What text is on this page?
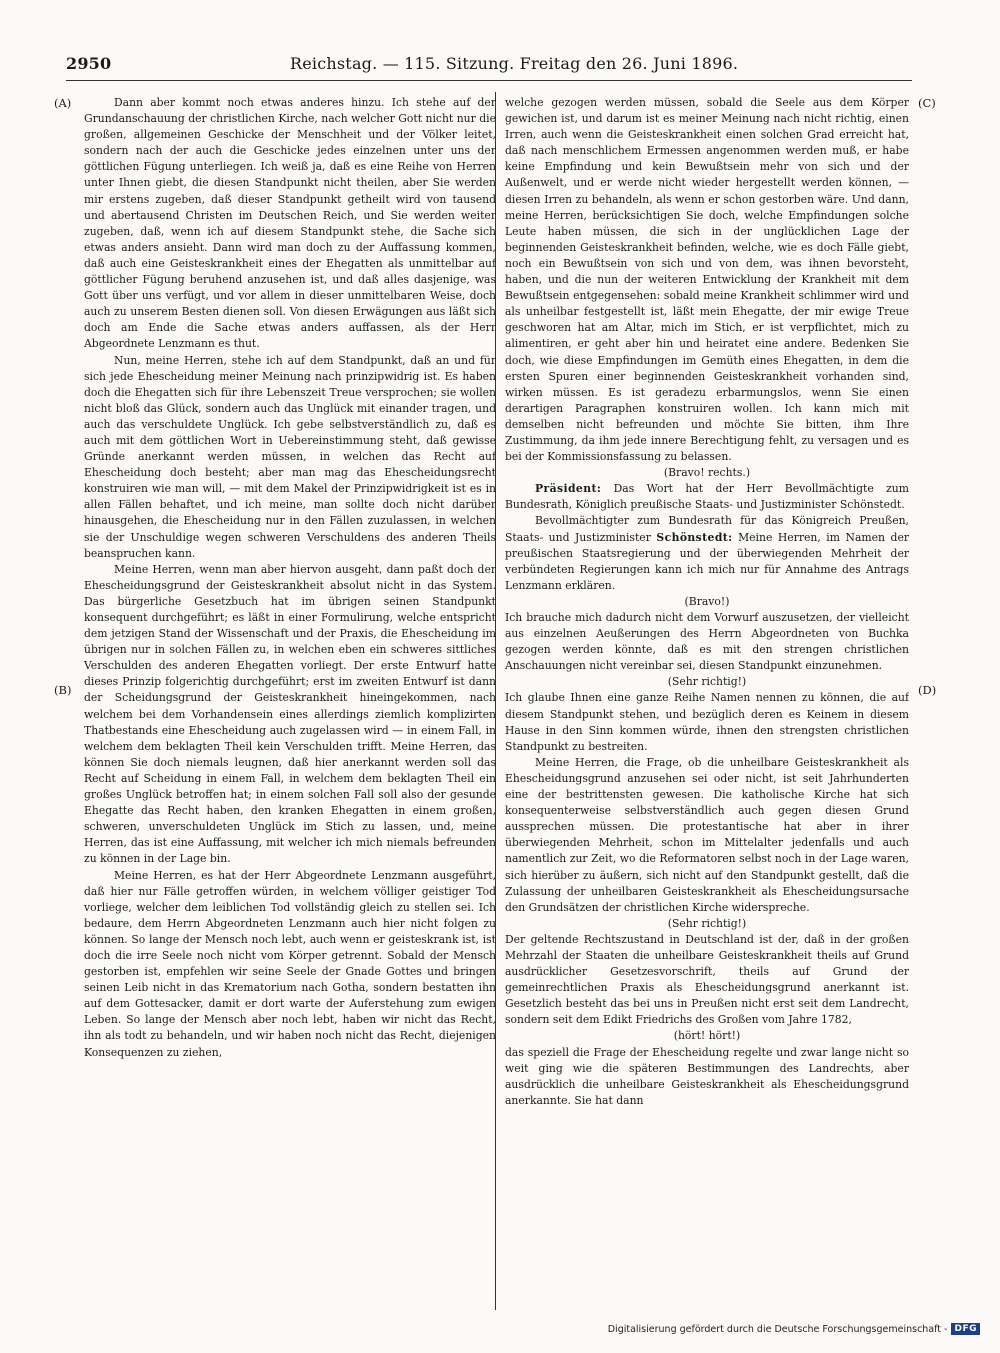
2950	Reichstag. — 115. Sitzung. Freitag den 26. Juni 1896.
(A)
(B)
(C)
(D)

Dann aber kommt noch etwas anderes hinzu. Ich stehe auf der Grundanschauung der christlichen Kirche, nach welcher Gott nicht nur die großen, allgemeinen Geschicke der Menschheit und der Völker leitet, sondern nach der auch die Geschicke jedes einzelnen unter uns der göttlichen Fügung unterliegen. Ich weiß ja, daß es eine Reihe von Herren unter Ihnen giebt, die diesen Standpunkt nicht theilen, aber Sie werden mir erstens zugeben, daß dieser Standpunkt getheilt wird von tausend und abertausend Christen im Deutschen Reich, und Sie werden weiter zugeben, daß, wenn ich auf diesem Standpunkt stehe, die Sache sich etwas anders ansieht. Dann wird man doch zu der Auffassung kommen, daß auch eine Geisteskrankheit eines der Ehegatten als unmittelbar auf göttlicher Fügung beruhend anzusehen ist, und daß alles dasjenige, was Gott über uns verfügt, und vor allem in dieser unmittelbaren Weise, doch auch zu unserem Besten dienen soll. Von diesen Erwägungen aus läßt sich doch am Ende die Sache etwas anders auffassen, als der Herr Abgeordnete Lenzmann es thut.

Nun, meine Herren, stehe ich auf dem Standpunkt, daß an und für sich jede Ehescheidung meiner Meinung nach prinzipwidrig ist. Es haben doch die Ehegatten sich für ihre Lebenszeit Treue versprochen; sie wollen nicht bloß das Glück, sondern auch das Unglück mit einander tragen, und auch das verschuldete Unglück. Ich gebe selbstverständlich zu, daß es auch mit dem göttlichen Wort in Uebereinstimmung steht, daß gewisse Gründe anerkannt werden müssen, in welchen das Recht auf Ehescheidung doch besteht; aber man mag das Ehescheidungsrecht konstruiren wie man will, — mit dem Makel der Prinzipwidrigkeit ist es in allen Fällen behaftet, und ich meine, man sollte doch nicht darüber hinausgehen, die Ehescheidung nur in den Fällen zuzulassen, in welchen sie der Unschuldige wegen schweren Verschuldens des anderen Theils beanspruchen kann.

Meine Herren, wenn man aber hiervon ausgeht, dann paßt doch der Ehescheidungsgrund der Geisteskrankheit absolut nicht in das System. Das bürgerliche Gesetzbuch hat im übrigen seinen Standpunkt konsequent durchgeführt; es läßt in einer Formulirung, welche entspricht dem jetzigen Stand der Wissenschaft und der Praxis, die Ehescheidung im übrigen nur in solchen Fällen zu, in welchen eben ein schweres sittliches Verschulden des anderen Ehegatten vorliegt. Der erste Entwurf hatte dieses Prinzip folgerichtig durchgeführt; erst im zweiten Entwurf ist dann der Scheidungsgrund der Geisteskrankheit hineingekommen, nach welchem bei dem Vorhandensein eines allerdings ziemlich komplizirten Thatbestands eine Ehescheidung auch zugelassen wird — in einem Fall, in welchem dem beklagten Theil kein Verschulden trifft. Meine Herren, das können Sie doch niemals leugnen, daß hier anerkannt werden soll das Recht auf Scheidung in einem Fall, in welchem dem beklagten Theil ein großes Unglück betroffen hat; in einem solchen Fall soll also der gesunde Ehegatte das Recht haben, den kranken Ehegatten in einem großen, schweren, unverschuldeten Unglück im Stich zu lassen, und, meine Herren, das ist eine Auffassung, mit welcher ich mich niemals befreunden zu können in der Lage bin.

Meine Herren, es hat der Herr Abgeordnete Lenzmann ausgeführt, daß hier nur Fälle getroffen würden, in welchem völliger geistiger Tod vorliege, welcher dem leiblichen Tod vollständig gleich zu stellen sei. Ich bedaure, dem Herrn Abgeordneten Lenzmann auch hier nicht folgen zu können. So lange der Mensch noch lebt, auch wenn er geisteskrank ist, ist doch die irre Seele noch nicht vom Körper getrennt. Sobald der Mensch gestorben ist, empfehlen wir seine Seele der Gnade Gottes und bringen seinen Leib nicht in das Krematorium nach Gotha, sondern bestatten ihn auf dem Gottesacker, damit er dort warte der Auferstehung zum ewigen Leben. So lange der Mensch aber noch lebt, haben wir nicht das Recht, ihn als todt zu behandeln, und wir haben noch nicht das Recht, diejenigen Konsequenzen zu ziehen,

welche gezogen werden müssen, sobald die Seele aus dem Körper gewichen ist, und darum ist es meiner Meinung nach nicht richtig, einen Irren, auch wenn die Geisteskrankheit einen solchen Grad erreicht hat, daß nach menschlichem Ermessen angenommen werden muß, er habe keine Empfindung und kein Bewußtsein mehr von sich und der Außenwelt, und er werde nicht wieder hergestellt werden können, — diesen Irren zu behandeln, als wenn er schon gestorben wäre. Und dann, meine Herren, berücksichtigen Sie doch, welche Empfindungen solche Leute haben müssen, die sich in der unglücklichen Lage der beginnenden Geisteskrankheit befinden, welche, wie es doch Fälle giebt, noch ein Bewußtsein von sich und von dem, was ihnen bevorsteht, haben, und die nun der weiteren Entwicklung der Krankheit mit dem Bewußtsein entgegensehen: sobald meine Krankheit schlimmer wird und als unheilbar festgestellt ist, läßt mein Ehegatte, der mir ewige Treue geschworen hat am Altar, mich im Stich, er ist verpflichtet, mich zu alimentiren, er geht aber hin und heiratet eine andere. Bedenken Sie doch, wie diese Empfindungen im Gemüth eines Ehegatten, in dem die ersten Spuren einer beginnenden Geisteskrankheit vorhanden sind, wirken müssen. Es ist geradezu erbarmungslos, wenn Sie einen derartigen Paragraphen konstruiren wollen. Ich kann mich mit demselben nicht befreunden und möchte Sie bitten, ihm Ihre Zustimmung, da ihm jede innere Berechtigung fehlt, zu versagen und es bei der Kommissionsfassung zu belassen.

(Bravo! rechts.)

Präsident: Das Wort hat der Herr Bevollmächtigte zum Bundesrath, Königlich preußische Staats- und Justizminister Schönstedt.

Bevollmächtigter zum Bundesrath für das Königreich Preußen, Staats- und Justizminister Schönstedt: Meine Herren, im Namen der preußischen Staatsregierung und der überwiegenden Mehrheit der verbündeten Regierungen kann ich mich nur für Annahme des Antrags Lenzmann erklären.

(Bravo!)

Ich brauche mich dadurch nicht dem Vorwurf auszusetzen, der vielleicht aus einzelnen Aeußerungen des Herrn Abgeordneten von Buchka gezogen werden könnte, daß es mit den strengen christlichen Anschauungen nicht vereinbar sei, diesen Standpunkt einzunehmen.

(Sehr richtig!)

Ich glaube Ihnen eine ganze Reihe Namen nennen zu können, die auf diesem Standpunkt stehen, und bezüglich deren es Keinem in diesem Hause in den Sinn kommen würde, ihnen den strengsten christlichen Standpunkt zu bestreiten.

Meine Herren, die Frage, ob die unheilbare Geisteskrankheit als Ehescheidungsgrund anzusehen sei oder nicht, ist seit Jahrhunderten eine der bestrittensten gewesen. Die katholische Kirche hat sich konsequenterweise selbstverständlich auch gegen diesen Grund aussprechen müssen. Die protestantische hat aber in ihrer überwiegenden Mehrheit, schon im Mittelalter jedenfalls und auch namentlich zur Zeit, wo die Reformatoren selbst noch in der Lage waren, sich hierüber zu äußern, sich nicht auf den Standpunkt gestellt, daß die Zulassung der unheilbaren Geisteskrankheit als Ehescheidungsursache den Grundsätzen der christlichen Kirche widerspreche.

(Sehr richtig!)

Der geltende Rechtszustand in Deutschland ist der, daß in der großen Mehrzahl der Staaten die unheilbare Geisteskrankheit theils auf Grund ausdrücklicher Gesetzesvorschrift, theils auf Grund der gemeinrechtlichen Praxis als Ehescheidungsgrund anerkannt ist. Gesetzlich besteht das bei uns in Preußen nicht erst seit dem Landrecht, sondern seit dem Edikt Friedrichs des Großen vom Jahre 1782,

(hört! hört!)

das speziell die Frage der Ehescheidung regelte und zwar lange nicht so weit ging wie die späteren Bestimmungen des Landrechts, aber ausdrücklich die unheilbare Geisteskrankheit als Ehescheidungsgrund anerkannte. Sie hat dann

Digitalisierung gefördert durch die Deutsche Forschungsgemeinschaft - DFG
